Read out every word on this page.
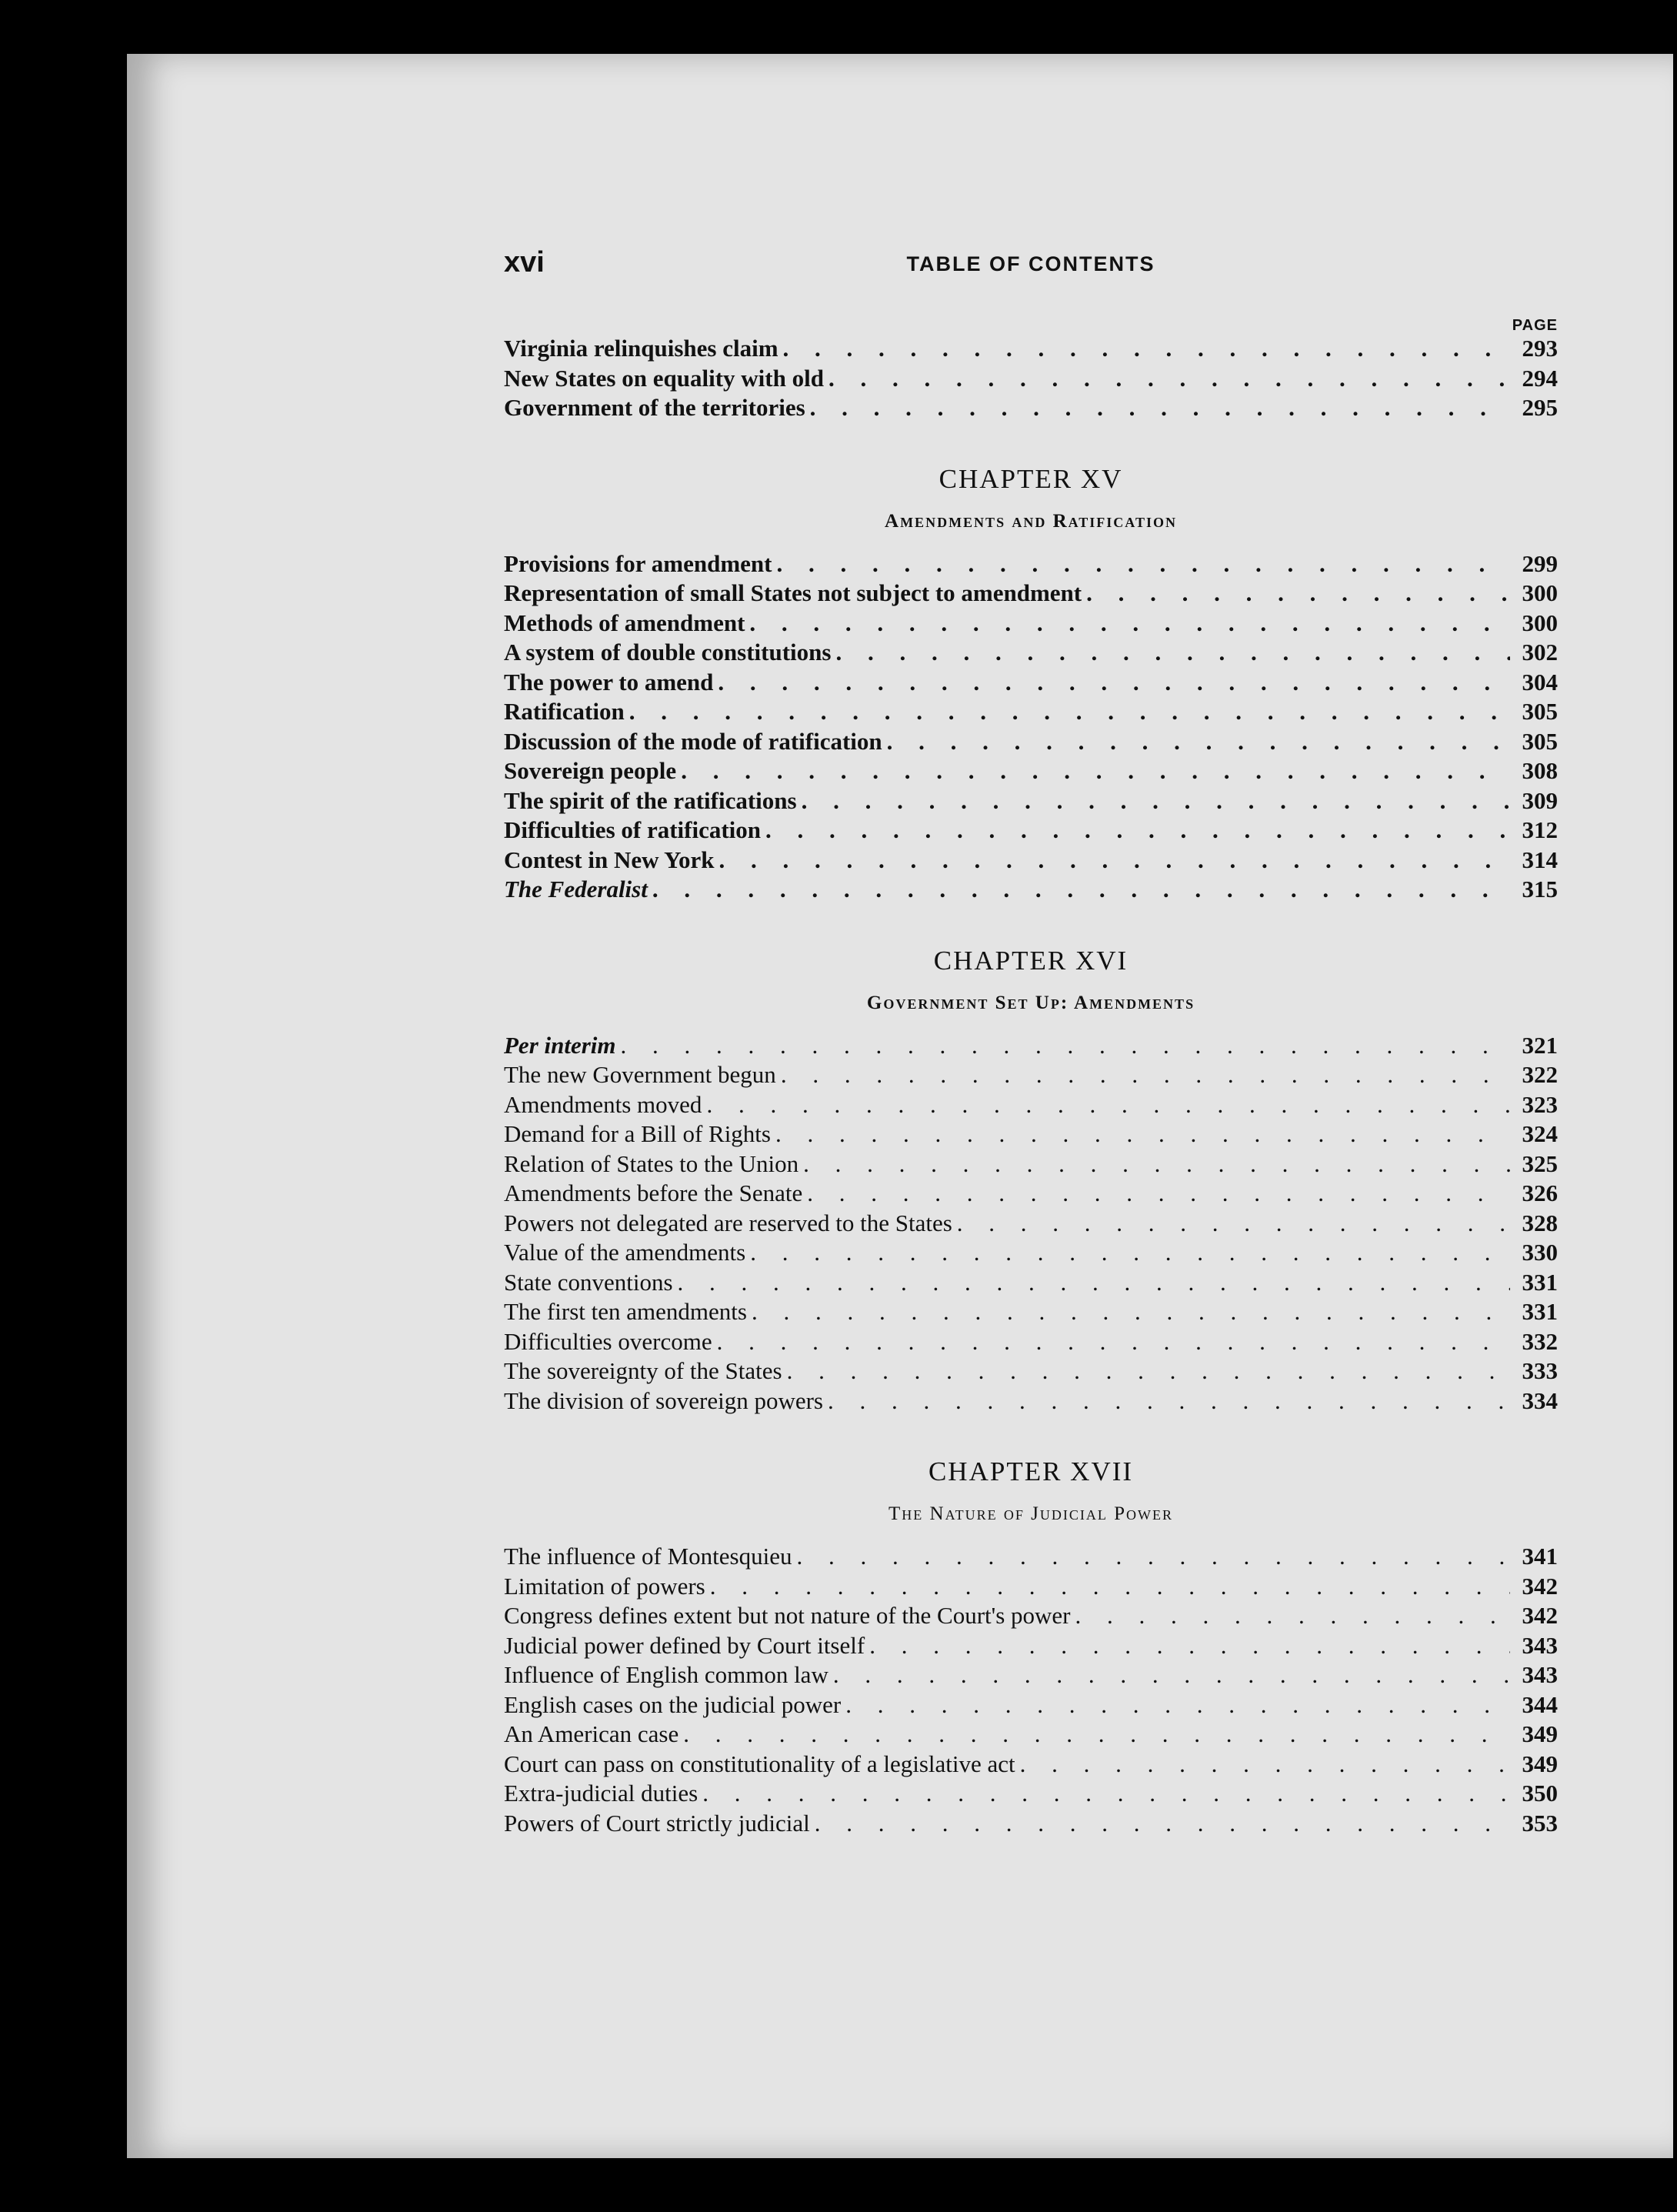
xvi	TABLE OF CONTENTS
PAGE
Virginia relinquishes claim . . .	293
New States on equality with old . . .	294
Government of the territories . . .	295
CHAPTER XV
Amendments and Ratification
Provisions for amendment . . .	299
Representation of small States not subject to amendment . . .	300
Methods of amendment . . .	300
A system of double constitutions . . .	302
The power to amend . . .	304
Ratification . . .	305
Discussion of the mode of ratification . . .	305
Sovereign people . . .	308
The spirit of the ratifications . . .	309
Difficulties of ratification . . .	312
Contest in New York . . .	314
The Federalist . . .	315
CHAPTER XVI
Government Set Up: Amendments
Per interim . . .	321
The new Government begun . . .	322
Amendments moved . . .	323
Demand for a Bill of Rights . . .	324
Relation of States to the Union . . .	325
Amendments before the Senate . . .	326
Powers not delegated are reserved to the States . . .	328
Value of the amendments . . .	330
State conventions . . .	331
The first ten amendments . . .	331
Difficulties overcome . . .	332
The sovereignty of the States . . .	333
The division of sovereign powers . . .	334
CHAPTER XVII
The Nature of Judicial Power
The influence of Montesquieu . . .	341
Limitation of powers . . .	342
Congress defines extent but not nature of the Court's power . . .	342
Judicial power defined by Court itself . . .	343
Influence of English common law . . .	343
English cases on the judicial power . . .	344
An American case . . .	349
Court can pass on constitutionality of a legislative act . . .	349
Extra-judicial duties . . .	350
Powers of Court strictly judicial . . .	353
